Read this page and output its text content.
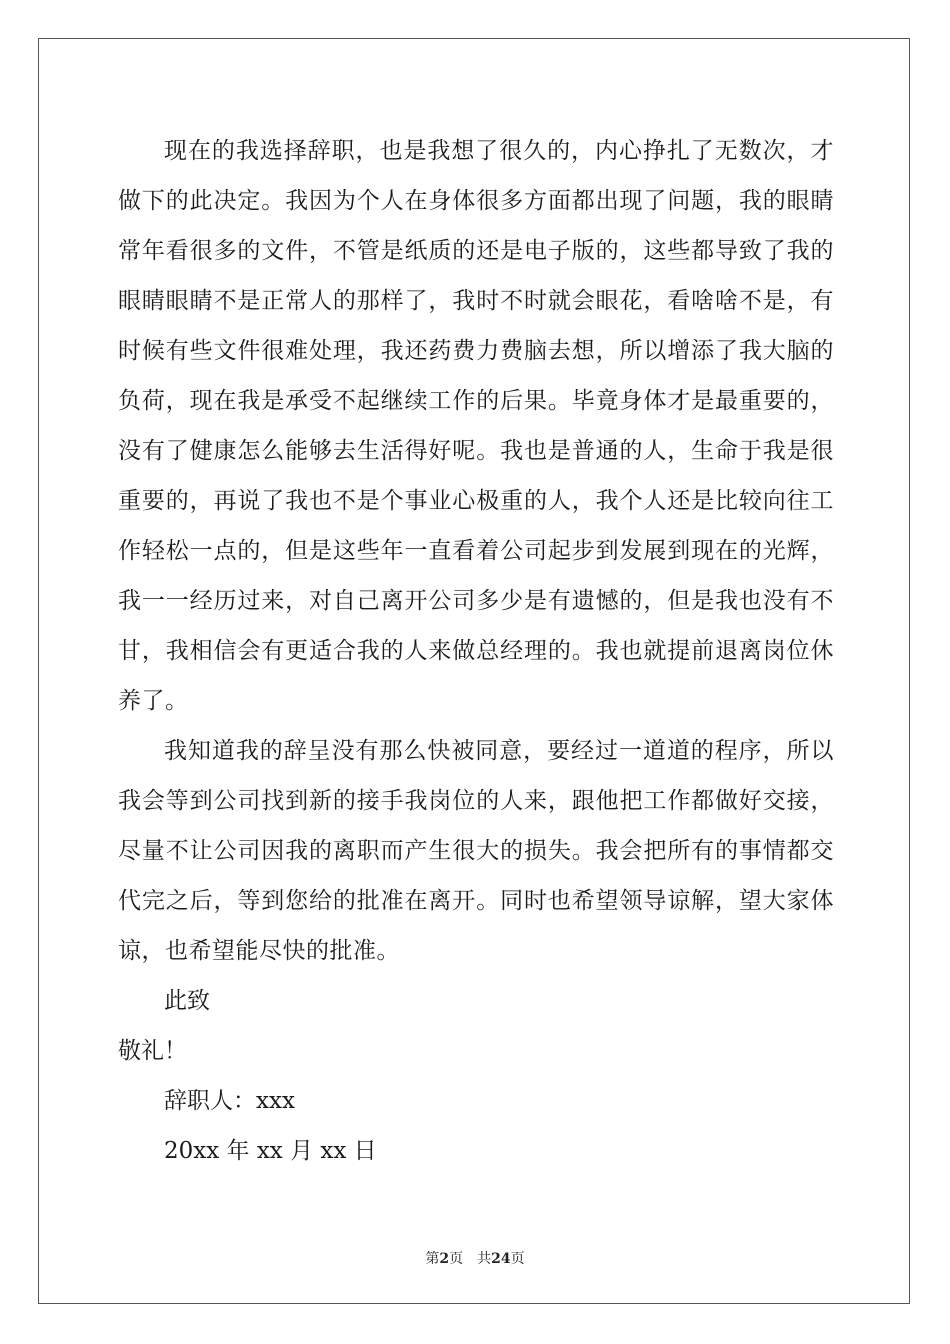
现在的我选择辞职，也是我想了很久的，内心挣扎了无数次，才做下的此决定。我因为个人在身体很多方面都出现了问题，我的眼睛常年看很多的文件，不管是纸质的还是电子版的，这些都导致了我的眼睛眼睛不是正常人的那样了，我时不时就会眼花，看啥啥不是，有时候有些文件很难处理，我还药费力费脑去想，所以增添了我大脑的负荷，现在我是承受不起继续工作的后果。毕竟身体才是最重要的，没有了健康怎么能够去生活得好呢。我也是普通的人，生命于我是很重要的，再说了我也不是个事业心极重的人，我个人还是比较向往工作轻松一点的，但是这些年一直看着公司起步到发展到现在的光辉，我一一经历过来，对自己离开公司多少是有遗憾的，但是我也没有不甘，我相信会有更适合我的人来做总经理的。我也就提前退离岗位休养了。

我知道我的辞呈没有那么快被同意，要经过一道道的程序，所以我会等到公司找到新的接手我岗位的人来，跟他把工作都做好交接，尽量不让公司因我的离职而产生很大的损失。我会把所有的事情都交代完之后，等到您给的批准在离开。同时也希望领导谅解，望大家体谅，也希望能尽快的批准。

此致

敬礼！

辞职人：xxx

20xx 年 xx 月 xx 日

第2页 共24页
